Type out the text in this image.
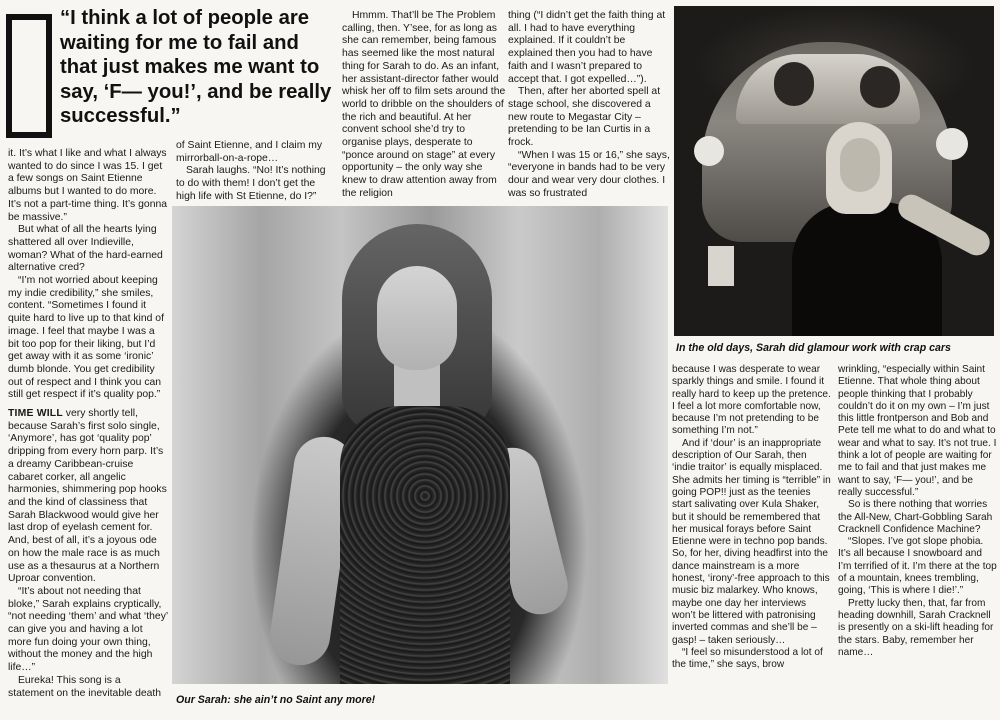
“I think a lot of people are waiting for me to fail and that just makes me want to say, ‘F— you!’, and be really successful.”

it. It’s what I like and what I always wanted to do since I was 15. I get a few songs on Saint Etienne albums but I wanted to do more. It’s not a part-time thing. It’s gonna be massive.”

But what of all the hearts lying shattered all over Indieville, woman? What of the hard-earned alternative cred?

“I’m not worried about keeping my indie credibility,” she smiles, content. “Sometimes I found it quite hard to live up to that kind of image. I feel that maybe I was a bit too pop for their liking, but I’d get away with it as some ‘ironic’ dumb blonde. You get credibility out of respect and I think you can still get respect if it’s quality pop.”

TIME WILL very shortly tell, because Sarah’s first solo single, ‘Anymore’, has got ‘quality pop’ dripping from every horn parp. It’s a dreamy Caribbean-cruise cabaret corker, all angelic harmonies, shimmering pop hooks and the kind of classiness that Sarah Blackwood would give her last drop of eyelash cement for. And, best of all, it’s a joyous ode on how the male race is as much use as a thesaurus at a Northern Uproar convention.

“It’s about not needing that bloke,” Sarah explains cryptically, “not needing ‘them’ and what ‘they’ can give you and having a lot more fun doing your own thing, without the money and the high life…”

Eureka! This song is a statement on the inevitable death

of Saint Etienne, and I claim my mirrorball-on-a-rope…

Sarah laughs. “No! It’s nothing to do with them! I don’t get the high life with St Etienne, do I?”

Hmmm. That’ll be The Problem calling, then. Y’see, for as long as she can remember, being famous has seemed like the most natural thing for Sarah to do. As an infant, her assistant-director father would whisk her off to film sets around the world to dribble on the shoulders of the rich and beautiful. At her convent school she’d try to organise plays, desperate to “ponce around on stage” at every opportunity – the only way she knew to draw attention away from the religion

thing (“I didn’t get the faith thing at all. I had to have everything explained. If it couldn’t be explained then you had to have faith and I wasn’t prepared to accept that. I got expelled…”).

Then, after her aborted spell at stage school, she discovered a new route to Megastar City – pretending to be Ian Curtis in a frock.

“When I was 15 or 16,” she says, “everyone in bands had to be very dour and wear very dour clothes. I was so frustrated

Our Sarah: she ain’t no Saint any more!

In the old days, Sarah did glamour work with crap cars

because I was desperate to wear sparkly things and smile. I found it really hard to keep up the pretence. I feel a lot more comfortable now, because I’m not pretending to be something I’m not.”

And if ‘dour’ is an inappropriate description of Our Sarah, then ‘indie traitor’ is equally misplaced. She admits her timing is “terrible” in going POP!! just as the teenies start salivating over Kula Shaker, but it should be remembered that her musical forays before Saint Etienne were in techno pop bands. So, for her, diving headfirst into the dance mainstream is a more honest, ‘irony’-free approach to this music biz malarkey. Who knows, maybe one day her interviews won’t be littered with patronising inverted commas and she’ll be – gasp! – taken seriously…

“I feel so misunderstood a lot of the time,” she says, brow

wrinkling, “especially within Saint Etienne. That whole thing about people thinking that I probably couldn’t do it on my own – I’m just this little frontperson and Bob and Pete tell me what to do and what to wear and what to say. It’s not true. I think a lot of people are waiting for me to fail and that just makes me want to say, ‘F— you!’, and be really successful.”

So is there nothing that worries the All-New, Chart-Gobbling Sarah Cracknell Confidence Machine?

“Slopes. I’ve got slope phobia. It’s all because I snowboard and I’m terrified of it. I’m there at the top of a mountain, knees trembling, going, ‘This is where I die!’.”

Pretty lucky then, that, far from heading downhill, Sarah Cracknell is presently on a ski-lift heading for the stars. Baby, remember her name…
